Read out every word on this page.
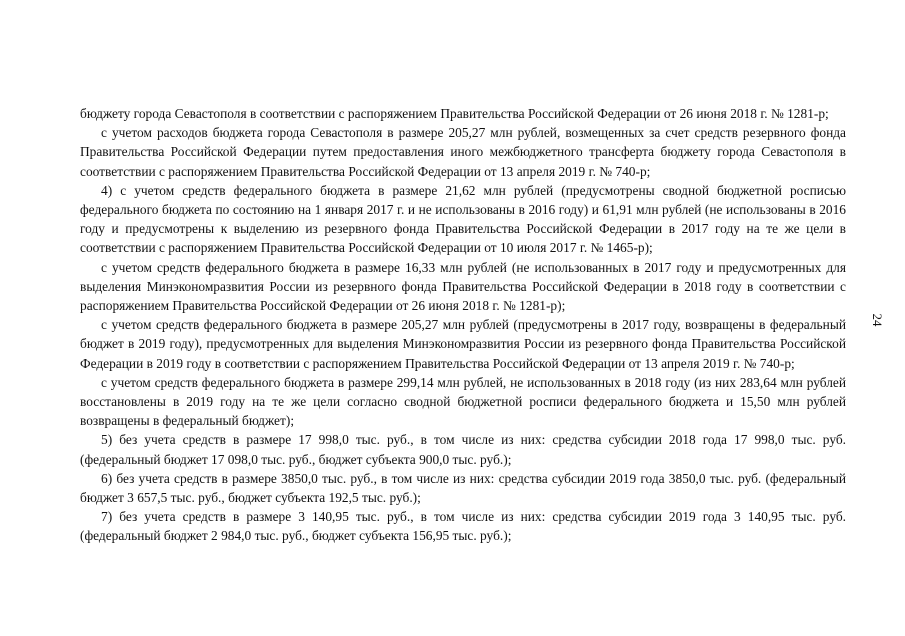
бюджету города Севастополя в соответствии с распоряжением Правительства Российской Федерации от 26 июня 2018 г. № 1281-р;

с учетом расходов бюджета города Севастополя в размере 205,27 млн рублей, возмещенных за счет средств резервного фонда Правительства Российской Федерации путем предоставления иного межбюджетного трансферта бюджету города Севастополя в соответствии с распоряжением Правительства Российской Федерации от 13 апреля 2019 г. № 740-р;

4) с учетом средств федерального бюджета в размере 21,62 млн рублей (предусмотрены сводной бюджетной росписью федерального бюджета по состоянию на 1 января 2017 г. и не использованы в 2016 году) и 61,91 млн рублей (не использованы в 2016 году и предусмотрены к выделению из резервного фонда Правительства Российской Федерации в 2017 году на те же цели в соответствии с распоряжением Правительства Российской Федерации от 10 июля 2017 г. № 1465-р);

с учетом средств федерального бюджета в размере 16,33 млн рублей (не использованных в 2017 году и предусмотренных для выделения Минэкономразвития России из резервного фонда Правительства Российской Федерации в 2018 году в соответствии с распоряжением Правительства Российской Федерации от 26 июня 2018 г. № 1281-р);

с учетом средств федерального бюджета в размере 205,27 млн рублей (предусмотрены в 2017 году, возвращены в федеральный бюджет в 2019 году), предусмотренных для выделения Минэкономразвития России из резервного фонда Правительства Российской Федерации в 2019 году в соответствии с распоряжением Правительства Российской Федерации от 13 апреля 2019 г. № 740-р;

с учетом средств федерального бюджета в размере 299,14 млн рублей, не использованных в 2018 году (из них 283,64 млн рублей восстановлены в 2019 году на те же цели согласно сводной бюджетной росписи федерального бюджета и 15,50 млн рублей возвращены в федеральный бюджет);

5) без учета средств в размере 17 998,0 тыс. руб., в том числе из них: средства субсидии 2018 года 17 998,0 тыс. руб. (федеральный бюджет 17 098,0 тыс. руб., бюджет субъекта 900,0 тыс. руб.);

6) без учета средств в размере 3850,0 тыс. руб., в том числе из них: средства субсидии 2019 года 3850,0 тыс. руб. (федеральный бюджет 3 657,5 тыс. руб., бюджет субъекта 192,5 тыс. руб.);

7) без учета средств в размере 3 140,95 тыс. руб., в том числе из них: средства субсидии 2019 года 3 140,95 тыс. руб. (федеральный бюджет 2 984,0 тыс. руб., бюджет субъекта 156,95 тыс. руб.);

24
